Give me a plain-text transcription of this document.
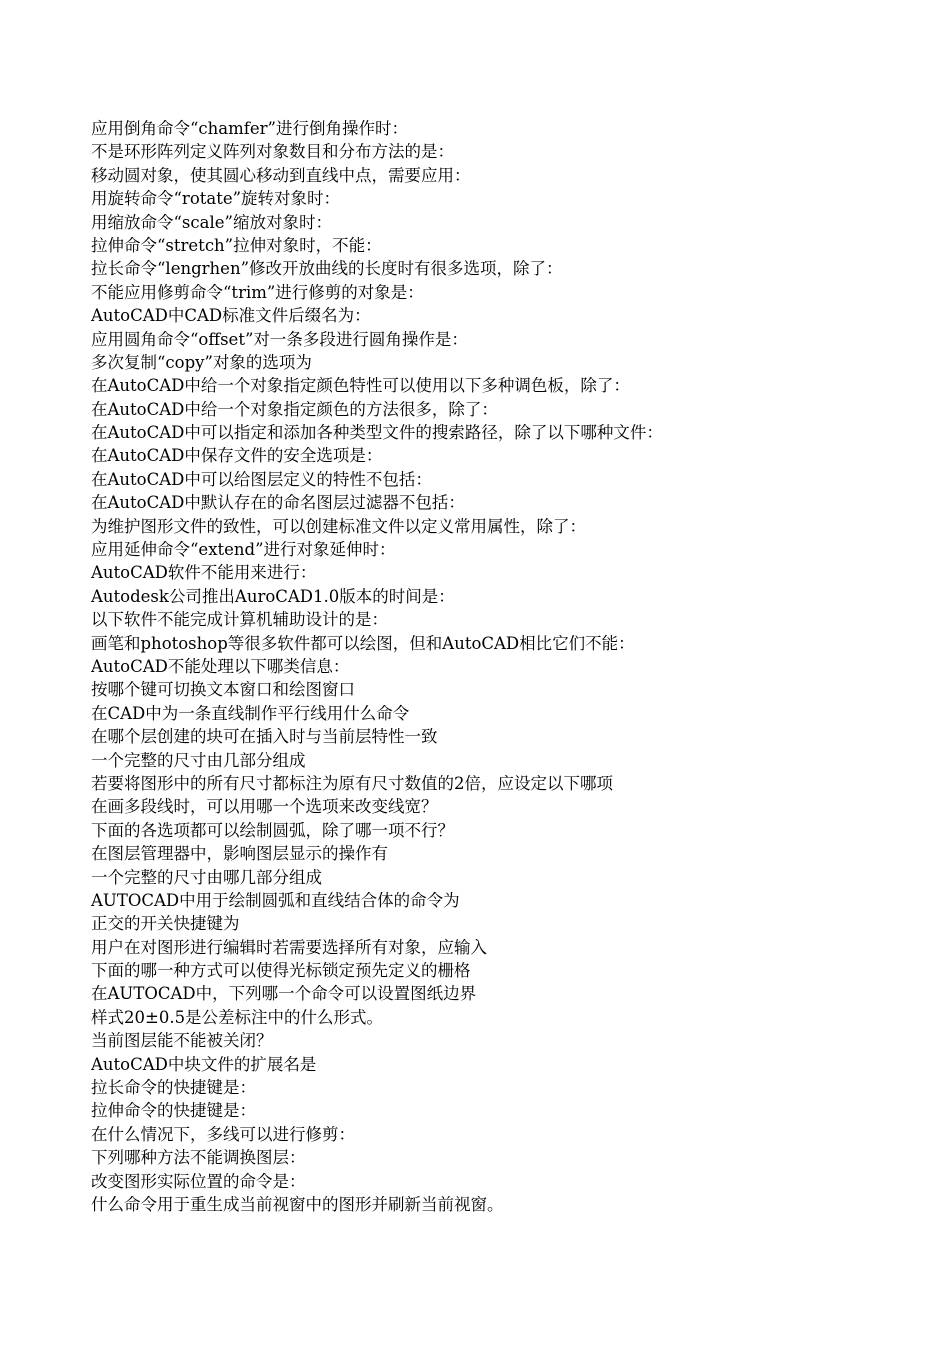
应用倒角命令“chamfer”进行倒角操作时：
不是环形阵列定义阵列对象数目和分布方法的是：
移动圆对象，使其圆心移动到直线中点，需要应用：
用旋转命令“rotate”旋转对象时：
用缩放命令“scale”缩放对象时：
拉伸命令“stretch”拉伸对象时，不能：
拉长命令“lengrhen”修改开放曲线的长度时有很多选项，除了：
不能应用修剪命令“trim”进行修剪的对象是：
AutoCAD中CAD标准文件后缀名为：
应用圆角命令“offset”对一条多段进行圆角操作是：
多次复制“copy”对象的选项为
在AutoCAD中给一个对象指定颜色特性可以使用以下多种调色板，除了：
在AutoCAD中给一个对象指定颜色的方法很多，除了：
在AutoCAD中可以指定和添加各种类型文件的搜索路径，除了以下哪种文件：
在AutoCAD中保存文件的安全选项是：
在AutoCAD中可以给图层定义的特性不包括：
在AutoCAD中默认存在的命名图层过滤器不包括：
为维护图形文件的致性，可以创建标准文件以定义常用属性，除了：
应用延伸命令“extend”进行对象延伸时：
AutoCAD软件不能用来进行：
Autodesk公司推出AuroCAD1.0版本的时间是：
以下软件不能完成计算机辅助设计的是：
画笔和photoshop等很多软件都可以绘图，但和AutoCAD相比它们不能：
AutoCAD不能处理以下哪类信息：
按哪个键可切换文本窗口和绘图窗口
在CAD中为一条直线制作平行线用什么命令
在哪个层创建的块可在插入时与当前层特性一致
一个完整的尺寸由几部分组成
若要将图形中的所有尺寸都标注为原有尺寸数值的2倍，应设定以下哪项
在画多段线时，可以用哪一个选项来改变线宽？
下面的各选项都可以绘制圆弧，除了哪一项不行？
在图层管理器中，影响图层显示的操作有
一个完整的尺寸由哪几部分组成
AUTOCAD中用于绘制圆弧和直线结合体的命令为
正交的开关快捷键为
用户在对图形进行编辑时若需要选择所有对象，应输入
下面的哪一种方式可以使得光标锁定预先定义的栅格
在AUTOCAD中，下列哪一个命令可以设置图纸边界
样式20±0.5是公差标注中的什么形式。
当前图层能不能被关闭？
AutoCAD中块文件的扩展名是
拉长命令的快捷键是：
拉伸命令的快捷键是：
在什么情况下，多线可以进行修剪：
下列哪种方法不能调换图层：
改变图形实际位置的命令是：
什么命令用于重生成当前视窗中的图形并刷新当前视窗。
